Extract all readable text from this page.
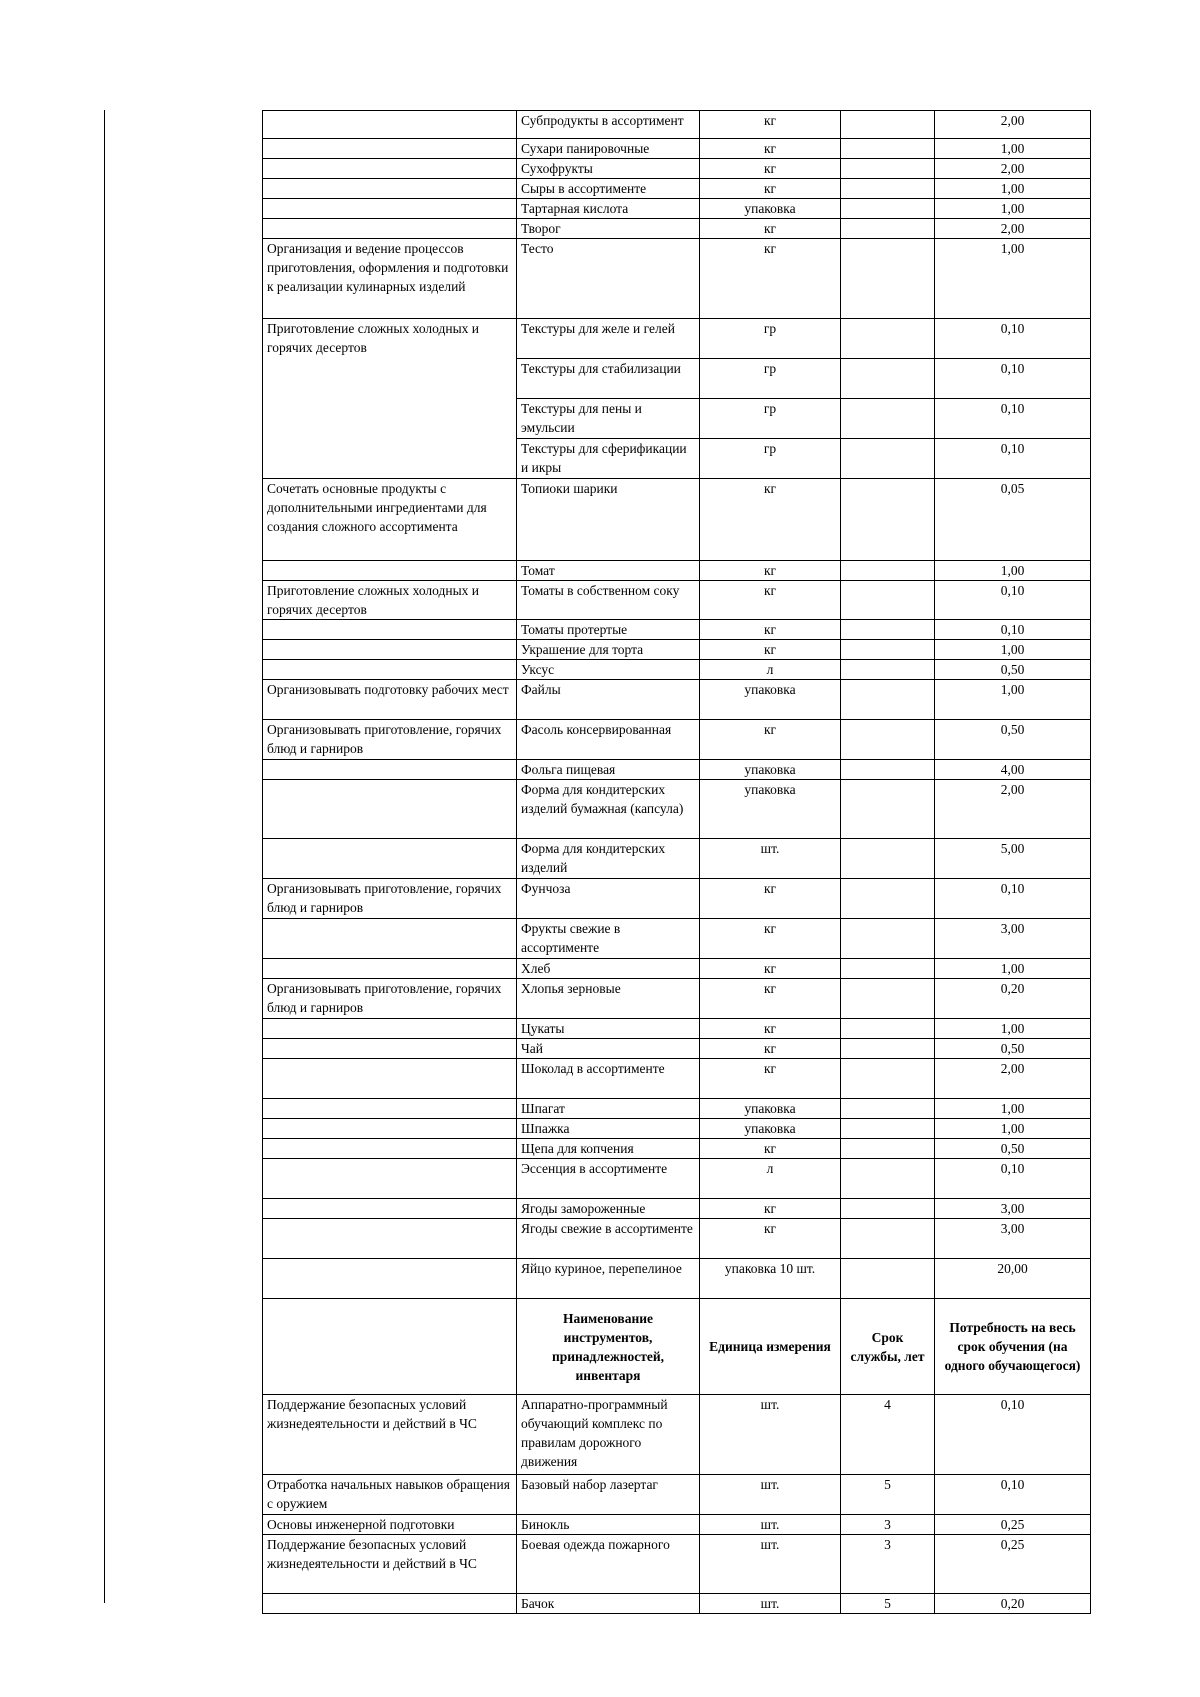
	Субпродукты в ассортимент	кг		2,00
	Сухари панировочные	кг		1,00
	Сухофрукты	кг		2,00
	Сыры в ассортименте	кг		1,00
	Тартарная кислота	упаковка		1,00
	Творог	кг		2,00
Организация и ведение процессов приготовления, оформления и подготовки к реализации кулинарных изделий	Тесто	кг		1,00
Приготовление сложных холодных и горячих десертов	Текстуры для желе и гелей	гр		0,10
	Текстуры для стабилизации	гр		0,10
	Текстуры для пены и эмульсии	гр		0,10
	Текстуры для сферификации и икры	гр		0,10
Сочетать основные продукты с дополнительными ингредиентами для создания сложного ассортимента	Топиоки шарики	кг		0,05
	Томат	кг		1,00
Приготовление сложных холодных и горячих десертов	Томаты в собственном соку	кг		0,10
	Томаты протертые	кг		0,10
	Украшение для торта	кг		1,00
	Уксус	л		0,50
Организовывать подготовку рабочих мест	Файлы	упаковка		1,00
Организовывать приготовление, горячих блюд и гарниров	Фасоль консервированная	кг		0,50
	Фольга пищевая	упаковка		4,00
	Форма для кондитерских изделий бумажная (капсула)	упаковка		2,00
	Форма для кондитерских изделий	шт.		5,00
Организовывать приготовление, горячих блюд и гарниров	Фунчоза	кг		0,10
	Фрукты свежие в ассортименте	кг		3,00
	Хлеб	кг		1,00
Организовывать приготовление, горячих блюд и гарниров	Хлопья зерновые	кг		0,20
	Цукаты	кг		1,00
	Чай	кг		0,50
	Шоколад в ассортименте	кг		2,00
	Шпагат	упаковка		1,00
	Шпажка	упаковка		1,00
	Щепа для копчения	кг		0,50
	Эссенция в ассортименте	л		0,10
	Ягоды замороженные	кг		3,00
	Ягоды свежие в ассортименте	кг		3,00
	Яйцо куриное, перепелиное	упаковка 10 шт.		20,00
	Наименование инструментов, принадлежностей, инвентаря	Единица измерения	Срок службы, лет	Потребность на весь срок обучения (на одного обучающегося)
Поддержание безопасных условий жизнедеятельности и действий в ЧС	Аппаратно-программный обучающий комплекс по правилам дорожного движения	шт.	4	0,10
Отработка начальных навыков обращения с оружием	Базовый набор лазертаг	шт.	5	0,10
Основы инженерной подготовки	Бинокль	шт.	3	0,25
Поддержание безопасных условий жизнедеятельности и действий в ЧС	Боевая одежда пожарного	шт.	3	0,25
	Бачок	шт.	5	0,20
